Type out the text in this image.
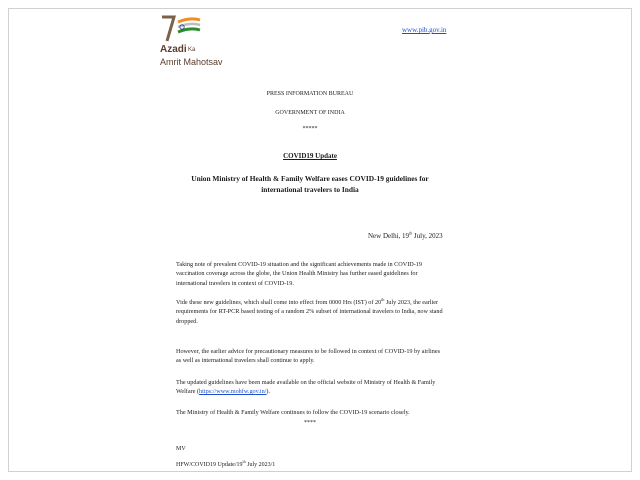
Azadi Ka
Amrit Mahotsav
www.pib.gov.in
PRESS INFORMATION BUREAU
GOVERNMENT OF INDIA
*****
COVID19 Update
Union Ministry of Health & Family Welfare eases COVID-19 guidelines for
international travelers to India
New Delhi, 19th July, 2023
Taking note of prevalent COVID-19 situation and the significant achievements made in COVID-19 vaccination coverage across the globe, the Union Health Ministry has further eased guidelines for international travelers in context of COVID-19.
Vide these new guidelines, which shall come into effect from 0000 Hrs (IST) of 20th July 2023, the earlier requirements for RT-PCR based testing of a random 2% subset of international travelers to India, now stand dropped.
However, the earlier advice for precautionary measures to be followed in context of COVID-19 by airlines as well as international travelers shall continue to apply.
The updated guidelines have been made available on the official website of Ministry of Health & Family Welfare (https://www.mohfw.gov.in/).
The Ministry of Health & Family Welfare continues to follow the COVID-19 scenario closely.
****
MV
HFW/COVID19 Update/19th July 2023/1
